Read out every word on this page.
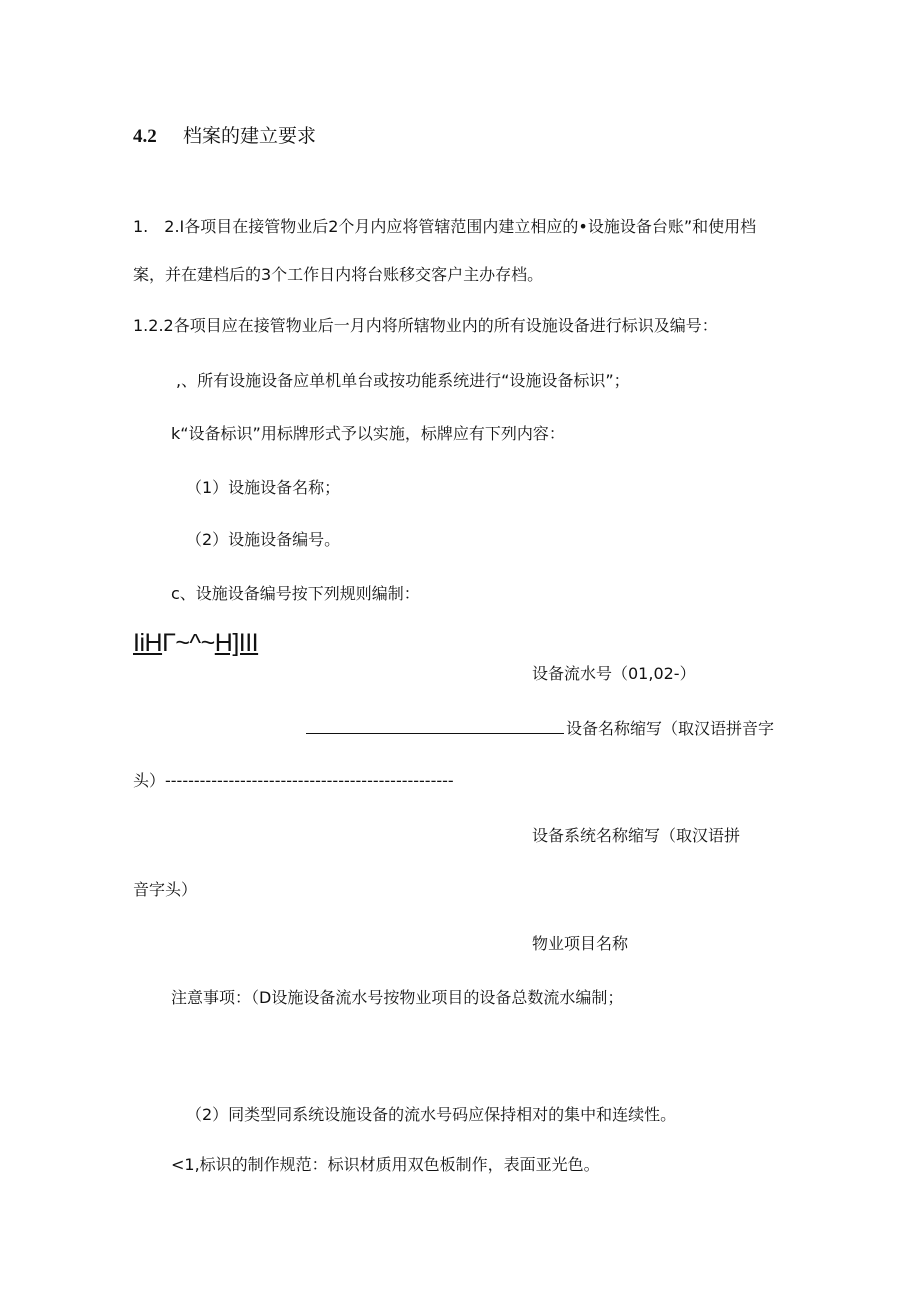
4.2 档案的建立要求
1.　2.I各项目在接管物业后2个月内应将管辖范围内建立相应的•设施设备台账”和使用档
案，并在建档后的3个工作日内将台账移交客户主办存档。
1.2.2各项目应在接管物业后一月内将所辖物业内的所有设施设备进行标识及编号：
,、所有设施设备应单机单台或按功能系统进行“设施设备标识”；
k“设备标识”用标牌形式予以实施，标牌应有下列内容：
（1）设施设备名称；
（2）设施设备编号。
c、设施设备编号按下列规则编制：
IiHΓ~^~H]III
设备流水号（01,02-）
设备名称缩写（取汉语拼音字
头）--------------------------------------------------
设备系统名称缩写（取汉语拼
音字头）
物业项目名称
注意事项：（D设施设备流水号按物业项目的设备总数流水编制；
（2）同类型同系统设施设备的流水号码应保持相对的集中和连续性。
<1,标识的制作规范：标识材质用双色板制作，表面亚光色。
